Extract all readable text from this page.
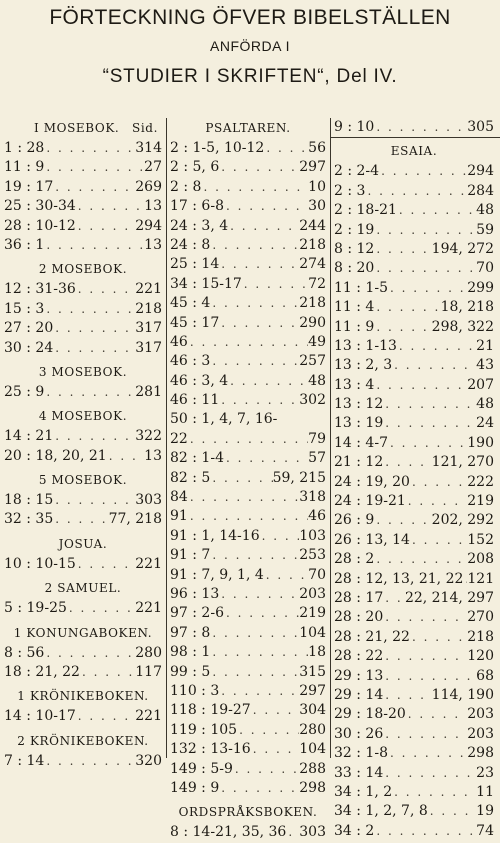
FÖRTECKNING ÖFVER BIBELSTÄLLEN
ANFÖRDA I
“STUDIER I SKRIFTEN“, Del IV.
I MOSEBOK. Sid.
1 : 28 . . .	314
11 : 9 . . .	27
19 : 17 . . .	269
25 : 30-34 . . .	13
28 : 10-12 . . .	294
36 : 1 . . .	13
2 MOSEBOK.
12 : 31-36 . . .	221
15 : 3 . . .	218
27 : 20 . . .	317
30 : 24 . . .	317
3 MOSEBOK.
25 : 9 . . .	281
4 MOSEBOK.
14 : 21 . . .	322
20 : 18, 20, 21 . . .	13
5 MOSEBOK.
18 : 15 . . .	303
32 : 35 . . .	77, 218
JOSUA.
10 : 10-15 . . .	221
2 SAMUEL.
5 : 19-25 . . .	221
1 KONUNGABOKEN.
8 : 56 . . .	280
18 : 21, 22 . . .	117
1 KRÖNIKEBOKEN.
14 : 10-17 . . .	221
2 KRÖNIKEBOKEN.
7 : 14 . . .	320
PSALTAREN.
2 : 1-5, 10-12 . . .	56
2 : 5, 6 . . .	297
2 : 8 . . .	10
17 : 6-8 . . .	30
24 : 3, 4 . . .	244
24 : 8 . . .	218
25 : 14 . . .	274
34 : 15-17 . . .	72
45 : 4 . . .	218
45 : 17 . . .	290
46 . . .	49
46 : 3 . . .	257
46 : 3, 4 . . .	48
46 : 11 . . .	302
50 : 1, 4, 7, 16-
22 . . .	79
82 : 1-4 . . .	57
82 : 5 . . .	59, 215
84 . . .	318
91 . . .	46
91 : 1, 14-16 . . .	103
91 : 7 . . .	253
91 : 7, 9, 1, 4 . . .	70
96 : 13 . . .	203
97 : 2-6 . . .	219
97 : 8 . . .	104
98 : 1 . . .	18
99 : 5 . . .	315
110 : 3 . . .	297
118 : 19-27 . . .	304
119 : 105 . . .	280
132 : 13-16 . . .	104
149 : 5-9 . . .	288
149 : 9 . . .	298
ORDSPRÅKSBOKEN.
8 : 14-21, 35, 36 . . . 303
9 : 10 . . .	305
ESAIA.
2 : 2-4 . . .	294
2 : 3 . . .	284
2 : 18-21 . . .	48
2 : 19 . . .	59
8 : 12 . . .	194, 272
8 : 20 . . .	70
11 : 1-5 . . .	299
11 : 4 . . .	18, 218
11 : 9 . . .	298, 322
13 : 1-13 . . .	21
13 : 2, 3 . . .	43
13 : 4 . . .	207
13 : 12 . . .	48
13 : 19 . . .	24
14 : 4-7 . . .	190
21 : 12 . . .	121, 270
24 : 19, 20 . . .	222
24 : 19-21 . . .	219
26 : 9 . . .	202, 292
26 : 13, 14 . . .	152
28 : 2 . . .	208
28 : 12, 13, 21, 22 . . . 121
28 : 17 . . . 22, 214, 297
28 : 20 . . .	270
28 : 21, 22 . . .	218
28 : 22 . . .	120
29 : 13 . . .	68
29 : 14 . . .	114, 190
29 : 18-20 . . .	203
30 : 26 . . .	203
32 : 1-8 . . .	298
33 : 14 . . .	23
34 : 1, 2 . . .	11
34 : 1, 2, 7, 8 . . .	19
34 : 2 . . .	74
